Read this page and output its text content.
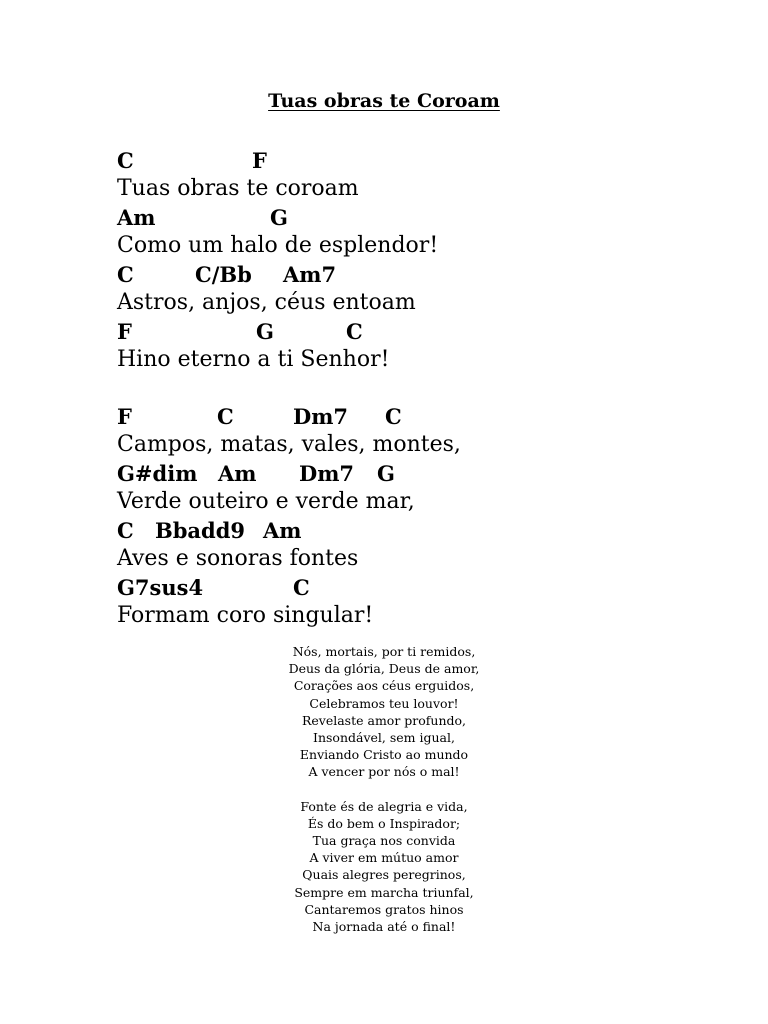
Tuas obras te Coroam
C	F
Tuas obras te coroam
Am	G
Como um halo de esplendor!
C	C/Bb Am7
Astros, anjos, céus entoam
F	G	C
Hino eterno a ti Senhor!
F	C	Dm7 C
Campos, matas, vales, montes,
G#dim Am Dm7 G
Verde outeiro e verde mar,
C Bbadd9 Am
Aves e sonoras fontes
G7sus4	C
Formam coro singular!
Nós, mortais, por ti remidos,
Deus da glória, Deus de amor,
Corações aos céus erguidos,
Celebramos teu louvor!
Revelaste amor profundo,
Insondável, sem igual,
Enviando Cristo ao mundo
A vencer por nós o mal!
Fonte és de alegria e vida,
És do bem o Inspirador;
Tua graça nos convida
A viver em mútuo amor
Quais alegres peregrinos,
Sempre em marcha triunfal,
Cantaremos gratos hinos
Na jornada até o final!
